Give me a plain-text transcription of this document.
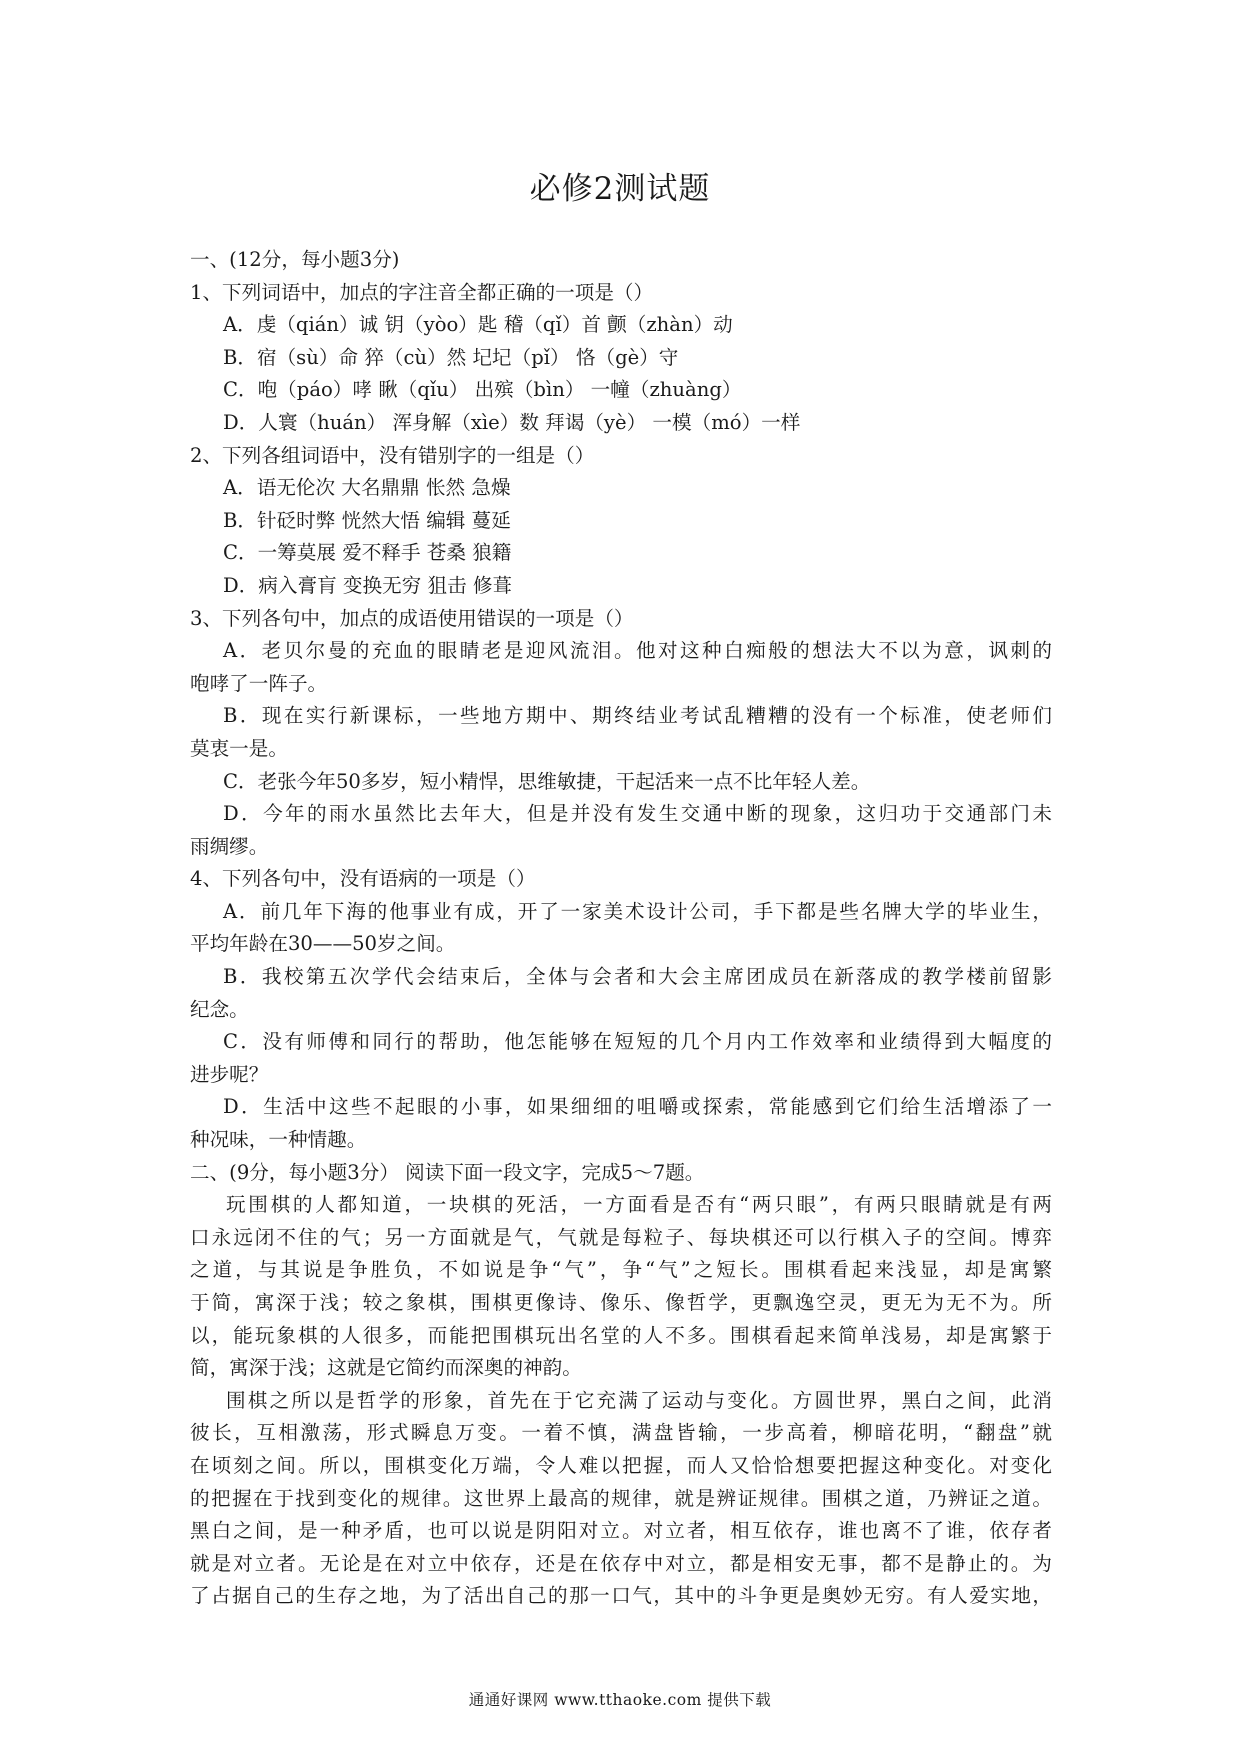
必修2测试题
一、(12分，每小题3分)
1、下列词语中，加点的字注音全都正确的一项是（）
A．虔（qián）诚 钥（yòo）匙 稽（qǐ）首 颤（zhàn）动
B．宿（sù）命 猝（cù）然 圮圮（pǐ） 恪（gè）守
C．咆（páo）哮 瞅（qǐu） 出殡（bìn） 一幢（zhuàng）
D．人寰（huán） 浑身解（xìe）数 拜谒（yè） 一模（mó）一样
2、下列各组词语中，没有错别字的一组是（）
A．语无伦次 大名鼎鼎 怅然 急燥
B．针砭时弊 恍然大悟 编辑 蔓延
C．一筹莫展 爱不释手 苍桑 狼籍
D．病入膏肓 变换无穷 狙击 修葺
3、下列各句中，加点的成语使用错误的一项是（）
A．老贝尔曼的充血的眼睛老是迎风流泪。他对这种白痴般的想法大不以为意，讽刺的
咆哮了一阵子。
B．现在实行新课标，一些地方期中、期终结业考试乱糟糟的没有一个标准，使老师们
莫衷一是。
C．老张今年50多岁，短小精悍，思维敏捷，干起活来一点不比年轻人差。
D．今年的雨水虽然比去年大，但是并没有发生交通中断的现象，这归功于交通部门未
雨绸缪。
4、下列各句中，没有语病的一项是（）
A．前几年下海的他事业有成，开了一家美术设计公司，手下都是些名牌大学的毕业生，
平均年龄在30——50岁之间。
B．我校第五次学代会结束后，全体与会者和大会主席团成员在新落成的教学楼前留影
纪念。
C．没有师傅和同行的帮助，他怎能够在短短的几个月内工作效率和业绩得到大幅度的
进步呢？
D．生活中这些不起眼的小事，如果细细的咀嚼或探索，常能感到它们给生活增添了一
种况味，一种情趣。
二、(9分，每小题3分） 阅读下面一段文字，完成5～7题。
玩围棋的人都知道，一块棋的死活，一方面看是否有“两只眼”，有两只眼睛就是有两
口永远闭不住的气；另一方面就是气，气就是每粒子、每块棋还可以行棋入子的空间。博弈
之道，与其说是争胜负，不如说是争“气”，争“气”之短长。围棋看起来浅显，却是寓繁
于简，寓深于浅；较之象棋，围棋更像诗、像乐、像哲学，更飘逸空灵，更无为无不为。所
以，能玩象棋的人很多，而能把围棋玩出名堂的人不多。围棋看起来简单浅易，却是寓繁于
简，寓深于浅；这就是它简约而深奥的神韵。
围棋之所以是哲学的形象，首先在于它充满了运动与变化。方圆世界，黑白之间，此消
彼长，互相激荡，形式瞬息万变。一着不慎，满盘皆输，一步高着，柳暗花明，“翻盘”就
在顷刻之间。所以，围棋变化万端，令人难以把握，而人又恰恰想要把握这种变化。对变化
的把握在于找到变化的规律。这世界上最高的规律，就是辨证规律。围棋之道，乃辨证之道。
黑白之间，是一种矛盾，也可以说是阴阳对立。对立者，相互依存，谁也离不了谁，依存者
就是对立者。无论是在对立中依存，还是在依存中对立，都是相安无事，都不是静止的。为
了占据自己的生存之地，为了活出自己的那一口气，其中的斗争更是奥妙无穷。有人爱实地，
通通好课网 www.tthaoke.com 提供下载
